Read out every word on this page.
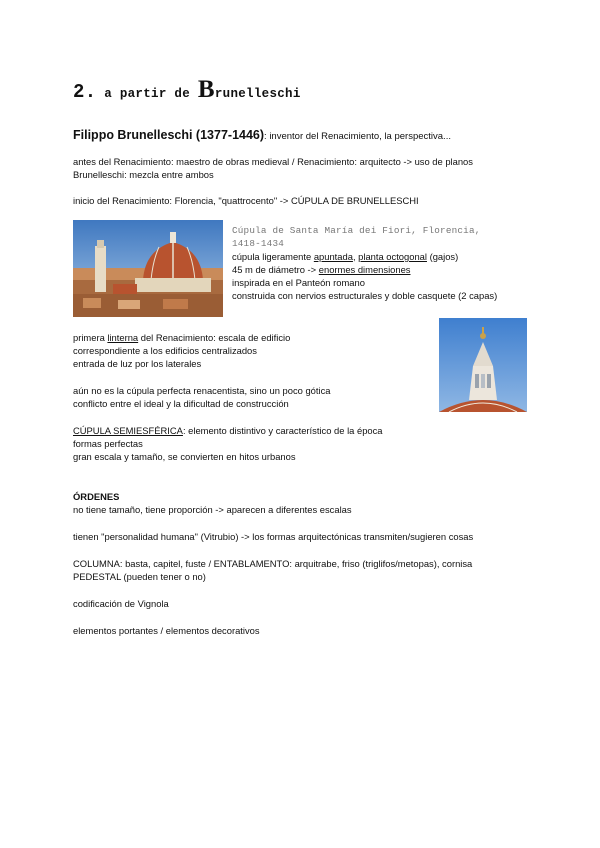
2. a partir de Brunelleschi
Filippo Brunelleschi (1377-1446): inventor del Renacimiento, la perspectiva...
antes del Renacimiento: maestro de obras medieval / Renacimiento: arquitecto -> uso de planos
Brunelleschi: mezcla entre ambos
inicio del Renacimiento: Florencia, "quattrocento" -> CÚPULA DE BRUNELLESCHI
Cúpula de Santa María dei Fiori, Florencia,
1418-1434
cúpula ligeramente apuntada, planta octogonal (gajos)
45 m de diámetro -> enormes dimensiones
inspirada en el Panteón romano
construida con nervios estructurales y doble casquete (2 capas)
primera linterna del Renacimiento: escala de edificio
correspondiente a los edificios centralizados
entrada de luz por los laterales
aún no es la cúpula perfecta renacentista, sino un poco gótica
conflicto entre el ideal y la dificultad de construcción
CÚPULA SEMIESFÉRICA: elemento distintivo y característico de la época
formas perfectas
gran escala y tamaño, se convierten en hitos urbanos
ÓRDENES
no tiene tamaño, tiene proporción -> aparecen a diferentes escalas
tienen "personalidad humana" (Vitrubio) -> los formas arquitectónicas transmiten/sugieren cosas
COLUMNA: basta, capitel, fuste / ENTABLAMENTO: arquitrabe, friso (triglifos/metopas), cornisa
PEDESTAL (pueden tener o no)
codificación de Vignola
elementos portantes / elementos decorativos
